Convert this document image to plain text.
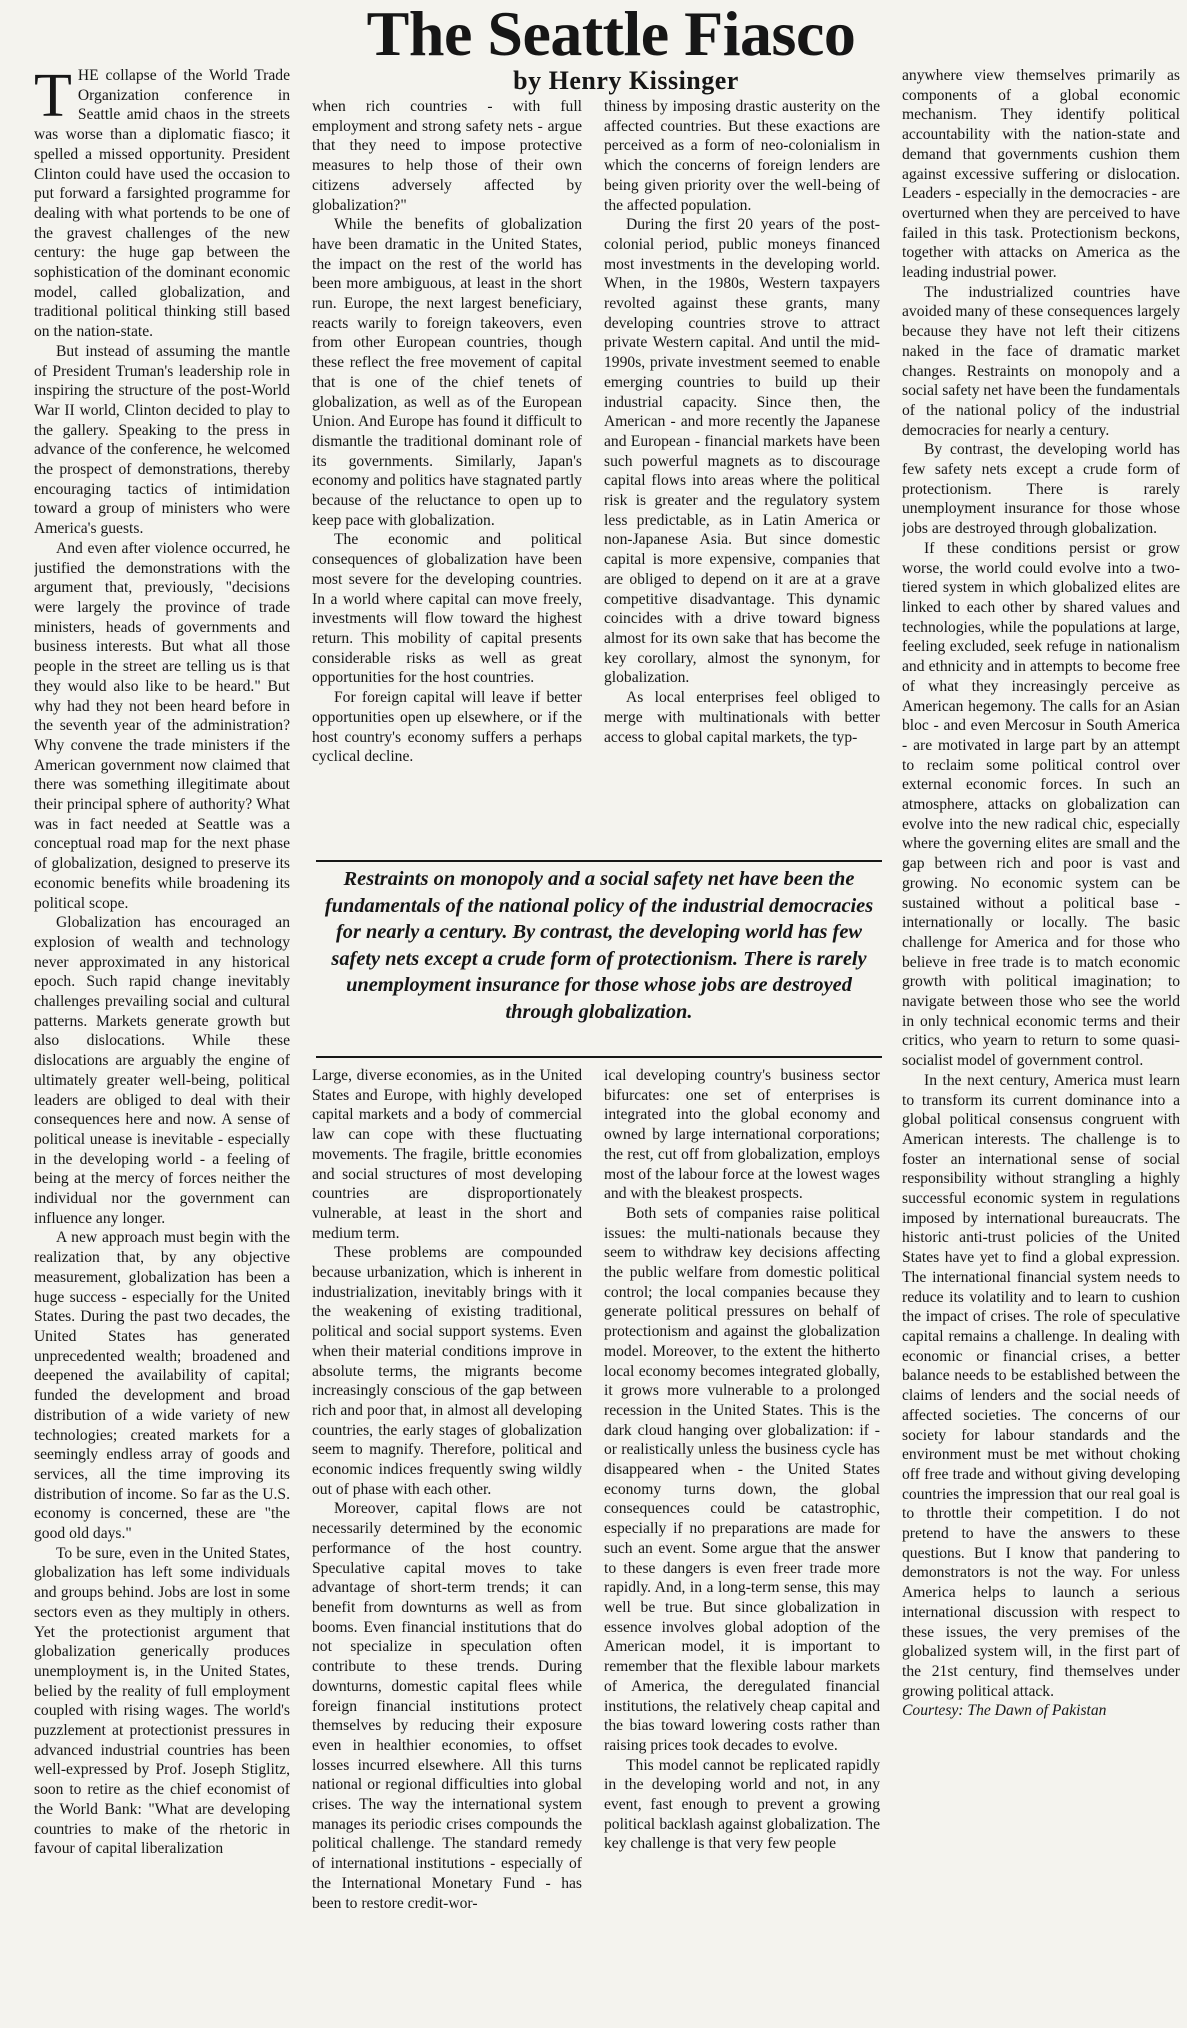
The Seattle Fiasco
by Henry Kissinger

THE collapse of the World Trade Organization conference in Seattle amid chaos in the streets was worse than a diplomatic fiasco; it spelled a missed opportunity. President Clinton could have used the occasion to put forward a farsighted programme for dealing with what portends to be one of the gravest challenges of the new century: the huge gap between the sophistication of the dominant economic model, called globalization, and traditional political thinking still based on the nation-state.

But instead of assuming the mantle of President Truman's leadership role in inspiring the structure of the post-World War II world, Clinton decided to play to the gallery. Speaking to the press in advance of the conference, he welcomed the prospect of demonstrations, thereby encouraging tactics of intimidation toward a group of ministers who were America's guests.

And even after violence occurred, he justified the demonstrations with the argument that, previously, "decisions were largely the province of trade ministers, heads of governments and business interests. But what all those people in the street are telling us is that they would also like to be heard." But why had they not been heard before in the seventh year of the administration? Why convene the trade ministers if the American government now claimed that there was something illegitimate about their principal sphere of authority? What was in fact needed at Seattle was a conceptual road map for the next phase of globalization, designed to preserve its economic benefits while broadening its political scope.

Globalization has encouraged an explosion of wealth and technology never approximated in any historical epoch. Such rapid change inevitably challenges prevailing social and cultural patterns. Markets generate growth but also dislocations. While these dislocations are arguably the engine of ultimately greater well-being, political leaders are obliged to deal with their consequences here and now. A sense of political unease is inevitable - especially in the developing world - a feeling of being at the mercy of forces neither the individual nor the government can influence any longer.

A new approach must begin with the realization that, by any objective measurement, globalization has been a huge success - especially for the United States. During the past two decades, the United States has generated unprecedented wealth; broadened and deepened the availability of capital; funded the development and broad distribution of a wide variety of new technologies; created markets for a seemingly endless array of goods and services, all the time improving its distribution of income. So far as the U.S. economy is concerned, these are "the good old days."

To be sure, even in the United States, globalization has left some individuals and groups behind. Jobs are lost in some sectors even as they multiply in others. Yet the protectionist argument that globalization generically produces unemployment is, in the United States, belied by the reality of full employment coupled with rising wages. The world's puzzlement at protectionist pressures in advanced industrial countries has been well-expressed by Prof. Joseph Stiglitz, soon to retire as the chief economist of the World Bank: "What are developing countries to make of the rhetoric in favour of capital liberalization

when rich countries - with full employment and strong safety nets - argue that they need to impose protective measures to help those of their own citizens adversely affected by globalization?"

While the benefits of globalization have been dramatic in the United States, the impact on the rest of the world has been more ambiguous, at least in the short run. Europe, the next largest beneficiary, reacts warily to foreign takeovers, even from other European countries, though these reflect the free movement of capital that is one of the chief tenets of globalization, as well as of the European Union. And Europe has found it difficult to dismantle the traditional dominant role of its governments. Similarly, Japan's economy and politics have stagnated partly because of the reluctance to open up to keep pace with globalization.

The economic and political consequences of globalization have been most severe for the developing countries. In a world where capital can move freely, investments will flow toward the highest return. This mobility of capital presents considerable risks as well as great opportunities for the host countries.

For foreign capital will leave if better opportunities open up elsewhere, or if the host country's economy suffers a perhaps cyclical decline.

thiness by imposing drastic austerity on the affected countries. But these exactions are perceived as a form of neo-colonialism in which the concerns of foreign lenders are being given priority over the well-being of the affected population.

During the first 20 years of the post-colonial period, public moneys financed most investments in the developing world. When, in the 1980s, Western taxpayers revolted against these grants, many developing countries strove to attract private Western capital. And until the mid-1990s, private investment seemed to enable emerging countries to build up their industrial capacity. Since then, the American - and more recently the Japanese and European - financial markets have been such powerful magnets as to discourage capital flows into areas where the political risk is greater and the regulatory system less predictable, as in Latin America or non-Japanese Asia. But since domestic capital is more expensive, companies that are obliged to depend on it are at a grave competitive disadvantage. This dynamic coincides with a drive toward bigness almost for its own sake that has become the key corollary, almost the synonym, for globalization.

As local enterprises feel obliged to merge with multinationals with better access to global capital markets, the typ-

Restraints on monopoly and a social safety net have been the fundamentals of the national policy of the industrial democracies for nearly a century. By contrast, the developing world has few safety nets except a crude form of protectionism. There is rarely unemployment insurance for those whose jobs are destroyed through globalization.

Large, diverse economies, as in the United States and Europe, with highly developed capital markets and a body of commercial law can cope with these fluctuating movements. The fragile, brittle economies and social structures of most developing countries are disproportionately vulnerable, at least in the short and medium term.

These problems are compounded because urbanization, which is inherent in industrialization, inevitably brings with it the weakening of existing traditional, political and social support systems. Even when their material conditions improve in absolute terms, the migrants become increasingly conscious of the gap between rich and poor that, in almost all developing countries, the early stages of globalization seem to magnify. Therefore, political and economic indices frequently swing wildly out of phase with each other.

Moreover, capital flows are not necessarily determined by the economic performance of the host country. Speculative capital moves to take advantage of short-term trends; it can benefit from downturns as well as from booms. Even financial institutions that do not specialize in speculation often contribute to these trends. During downturns, domestic capital flees while foreign financial institutions protect themselves by reducing their exposure even in healthier economies, to offset losses incurred elsewhere. All this turns national or regional difficulties into global crises. The way the international system manages its periodic crises compounds the political challenge. The standard remedy of international institutions - especially of the International Monetary Fund - has been to restore credit-wor-

ical developing country's business sector bifurcates: one set of enterprises is integrated into the global economy and owned by large international corporations; the rest, cut off from globalization, employs most of the labour force at the lowest wages and with the bleakest prospects.

Both sets of companies raise political issues: the multi-nationals because they seem to withdraw key decisions affecting the public welfare from domestic political control; the local companies because they generate political pressures on behalf of protectionism and against the globalization model. Moreover, to the extent the hitherto local economy becomes integrated globally, it grows more vulnerable to a prolonged recession in the United States. This is the dark cloud hanging over globalization: if - or realistically unless the business cycle has disappeared when - the United States economy turns down, the global consequences could be catastrophic, especially if no preparations are made for such an event. Some argue that the answer to these dangers is even freer trade more rapidly. And, in a long-term sense, this may well be true. But since globalization in essence involves global adoption of the American model, it is important to remember that the flexible labour markets of America, the deregulated financial institutions, the relatively cheap capital and the bias toward lowering costs rather than raising prices took decades to evolve.

This model cannot be replicated rapidly in the developing world and not, in any event, fast enough to prevent a growing political backlash against globalization. The key challenge is that very few people

anywhere view themselves primarily as components of a global economic mechanism. They identify political accountability with the nation-state and demand that governments cushion them against excessive suffering or dislocation. Leaders - especially in the democracies - are overturned when they are perceived to have failed in this task. Protectionism beckons, together with attacks on America as the leading industrial power.

The industrialized countries have avoided many of these consequences largely because they have not left their citizens naked in the face of dramatic market changes. Restraints on monopoly and a social safety net have been the fundamentals of the national policy of the industrial democracies for nearly a century.

By contrast, the developing world has few safety nets except a crude form of protectionism. There is rarely unemployment insurance for those whose jobs are destroyed through globalization.

If these conditions persist or grow worse, the world could evolve into a two-tiered system in which globalized elites are linked to each other by shared values and technologies, while the populations at large, feeling excluded, seek refuge in nationalism and ethnicity and in attempts to become free of what they increasingly perceive as American hegemony. The calls for an Asian bloc - and even Mercosur in South America - are motivated in large part by an attempt to reclaim some political control over external economic forces. In such an atmosphere, attacks on globalization can evolve into the new radical chic, especially where the governing elites are small and the gap between rich and poor is vast and growing. No economic system can be sustained without a political base - internationally or locally. The basic challenge for America and for those who believe in free trade is to match economic growth with political imagination; to navigate between those who see the world in only technical economic terms and their critics, who yearn to return to some quasi-socialist model of government control.

In the next century, America must learn to transform its current dominance into a global political consensus congruent with American interests. The challenge is to foster an international sense of social responsibility without strangling a highly successful economic system in regulations imposed by international bureaucrats. The historic anti-trust policies of the United States have yet to find a global expression. The international financial system needs to reduce its volatility and to learn to cushion the impact of crises. The role of speculative capital remains a challenge. In dealing with economic or financial crises, a better balance needs to be established between the claims of lenders and the social needs of affected societies. The concerns of our society for labour standards and the environment must be met without choking off free trade and without giving developing countries the impression that our real goal is to throttle their competition. I do not pretend to have the answers to these questions. But I know that pandering to demonstrators is not the way. For unless America helps to launch a serious international discussion with respect to these issues, the very premises of the globalized system will, in the first part of the 21st century, find themselves under growing political attack.

Courtesy: The Dawn of Pakistan
